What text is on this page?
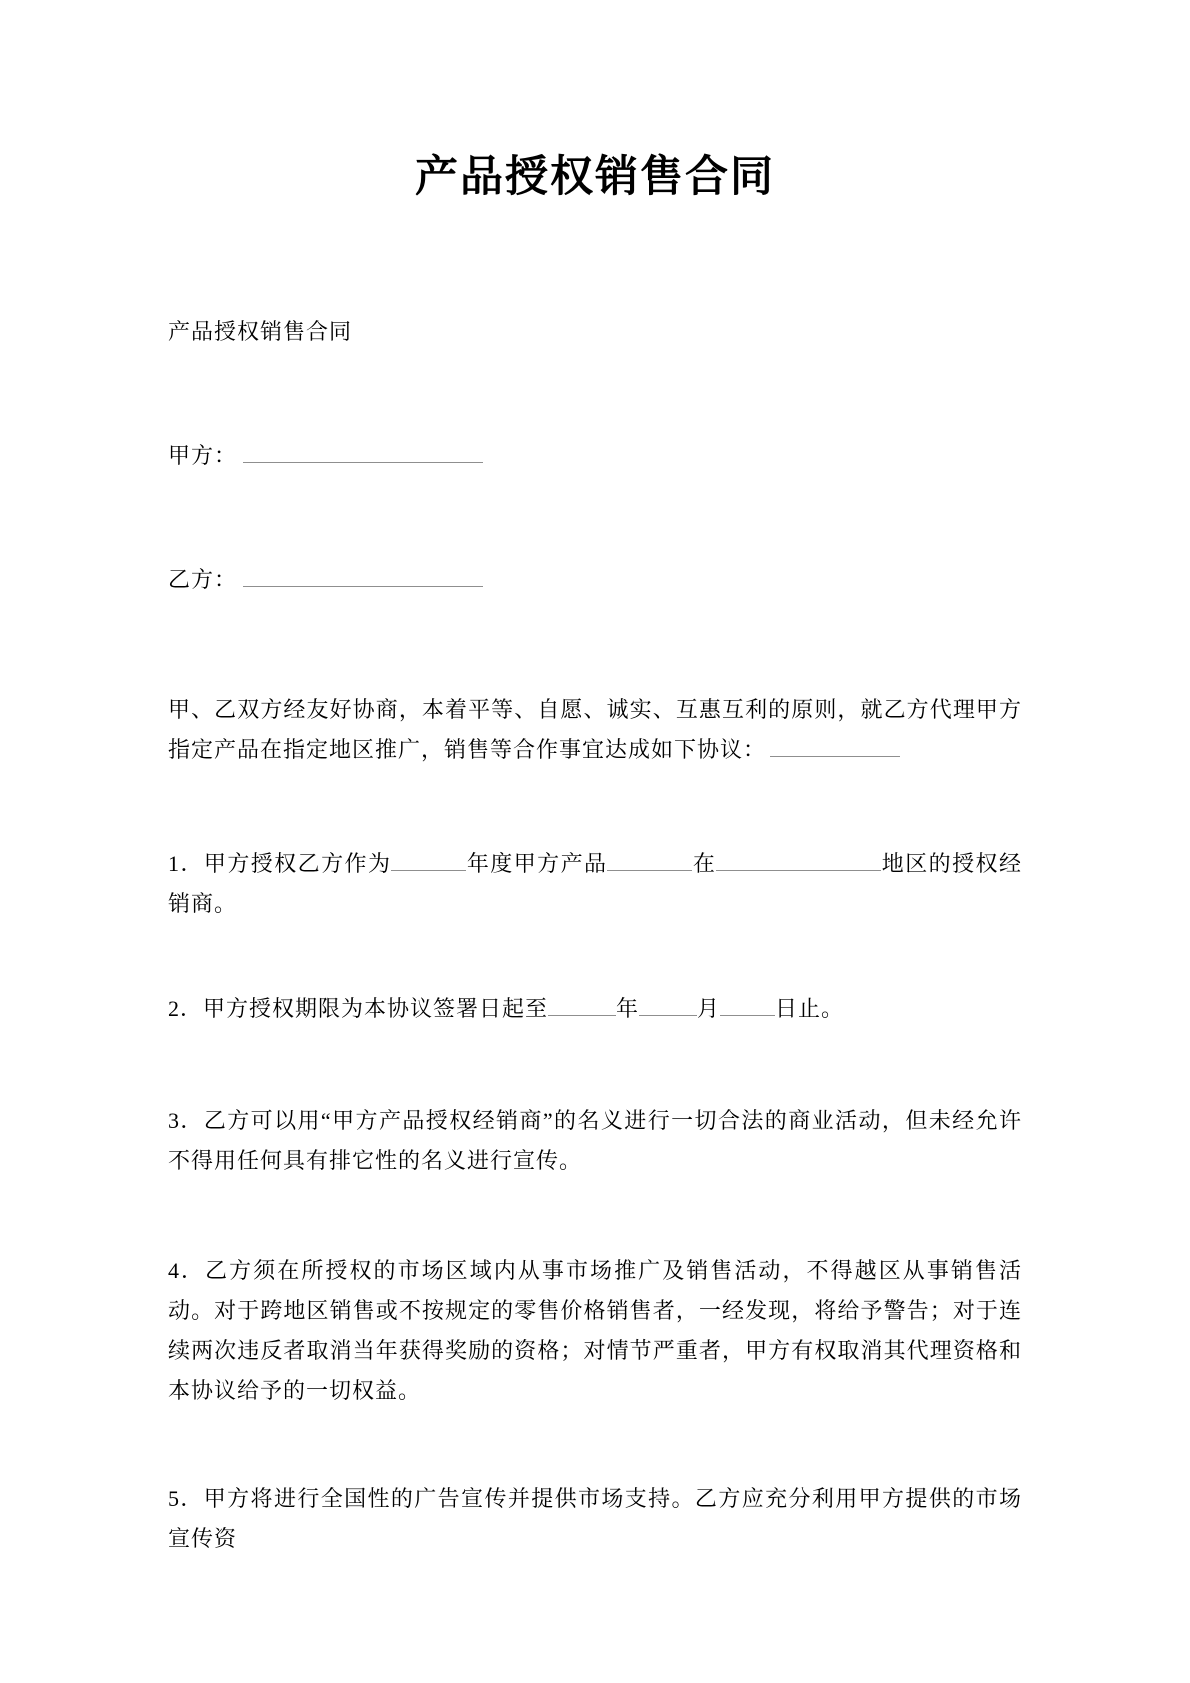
产品授权销售合同

产品授权销售合同

甲方：

乙方：

甲、乙双方经友好协商，本着平等、自愿、诚实、互惠互利的原则，就乙方代理甲方指定产品在指定地区推广，销售等合作事宜达成如下协议：

1．甲方授权乙方作为	年度甲方产品	在	地区的授权经销商。

2．甲方授权期限为本协议签署日起至	年	月	日止。

3．乙方可以用“甲方产品授权经销商”的名义进行一切合法的商业活动，但未经允许不得用任何具有排它性的名义进行宣传。

4．乙方须在所授权的市场区域内从事市场推广及销售活动，不得越区从事销售活动。对于跨地区销售或不按规定的零售价格销售者，一经发现，将给予警告；对于连续两次违反者取消当年获得奖励的资格；对情节严重者，甲方有权取消其代理资格和本协议给予的一切权益。

5．甲方将进行全国性的广告宣传并提供市场支持。乙方应充分利用甲方提供的市场宣传资
